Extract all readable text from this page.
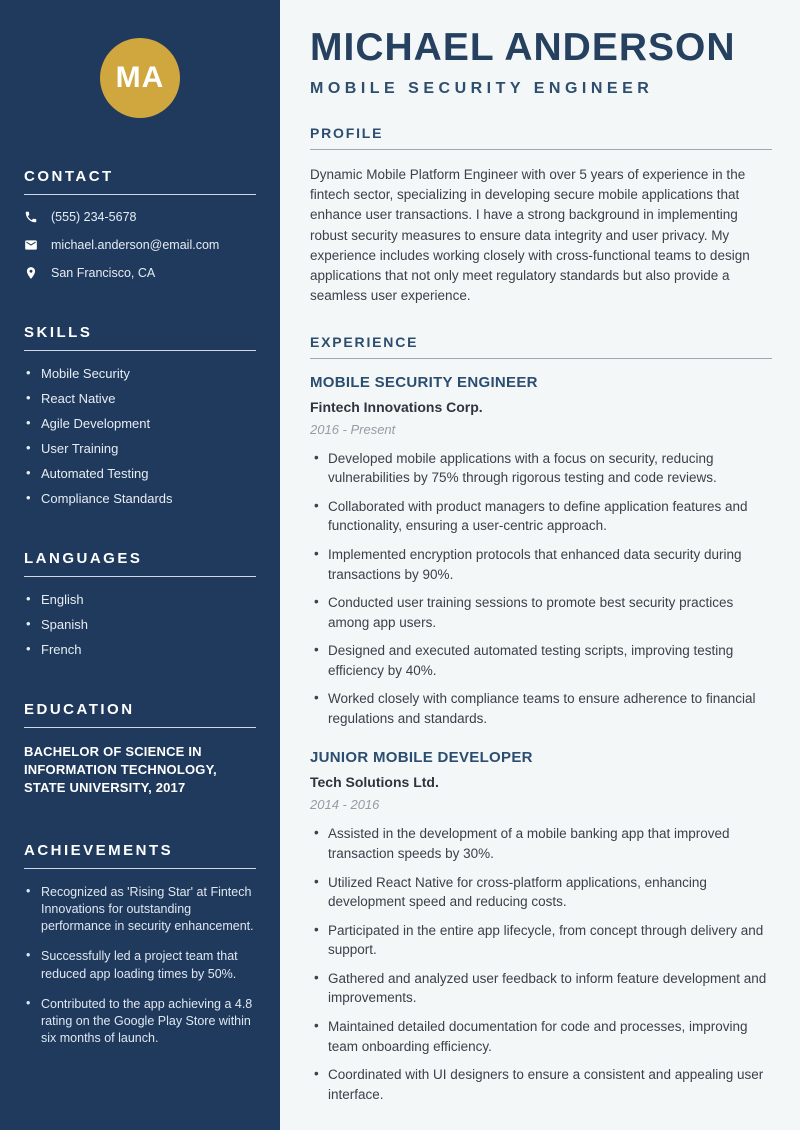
MA
CONTACT
(555) 234-5678
michael.anderson@email.com
San Francisco, CA
SKILLS
• Mobile Security
• React Native
• Agile Development
• User Training
• Automated Testing
• Compliance Standards
LANGUAGES
• English
• Spanish
• French
EDUCATION

BACHELOR OF SCIENCE IN INFORMATION TECHNOLOGY, STATE UNIVERSITY, 2017

ACHIEVEMENTS
• Recognized as 'Rising Star' at Fintech Innovations for outstanding performance in security enhancement.
• Successfully led a project team that reduced app loading times by 50%.
• Contributed to the app achieving a 4.8 rating on the Google Play Store within six months of launch.
MICHAEL ANDERSON
MOBILE SECURITY ENGINEER
PROFILE

Dynamic Mobile Platform Engineer with over 5 years of experience in the fintech sector, specializing in developing secure mobile applications that enhance user transactions. I have a strong background in implementing robust security measures to ensure data integrity and user privacy. My experience includes working closely with cross-functional teams to design applications that not only meet regulatory standards but also provide a seamless user experience.

EXPERIENCE
MOBILE SECURITY ENGINEER
Fintech Innovations Corp.
2016 - Present
• Developed mobile applications with a focus on security, reducing vulnerabilities by 75% through rigorous testing and code reviews.
• Collaborated with product managers to define application features and functionality, ensuring a user-centric approach.
• Implemented encryption protocols that enhanced data security during transactions by 90%.
• Conducted user training sessions to promote best security practices among app users.
• Designed and executed automated testing scripts, improving testing efficiency by 40%.
• Worked closely with compliance teams to ensure adherence to financial regulations and standards.
JUNIOR MOBILE DEVELOPER
Tech Solutions Ltd.
2014 - 2016
• Assisted in the development of a mobile banking app that improved transaction speeds by 30%.
• Utilized React Native for cross-platform applications, enhancing development speed and reducing costs.
• Participated in the entire app lifecycle, from concept through delivery and support.
• Gathered and analyzed user feedback to inform feature development and improvements.
• Maintained detailed documentation for code and processes, improving team onboarding efficiency.
• Coordinated with UI designers to ensure a consistent and appealing user interface.
